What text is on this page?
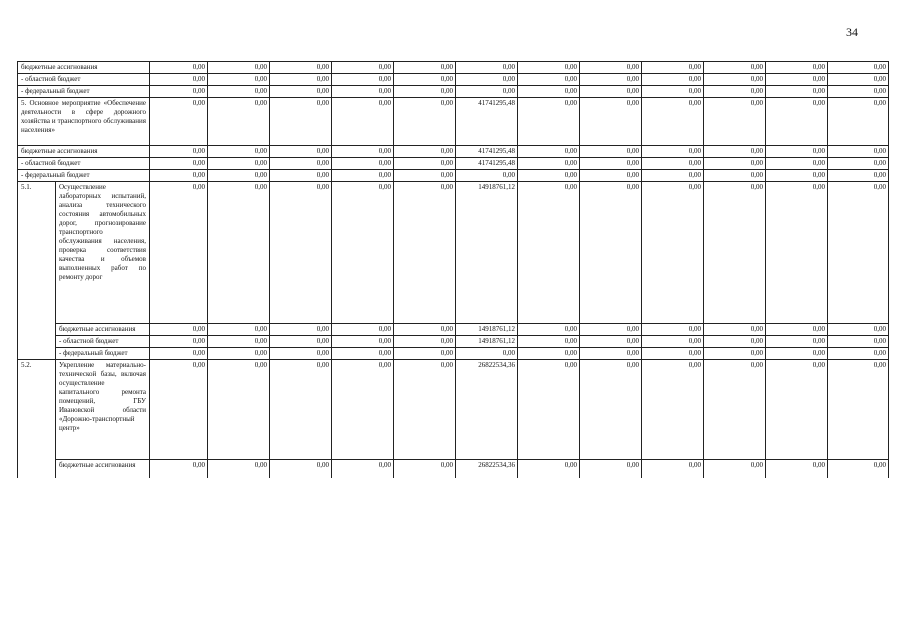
34
бюджетные ассигнования		0,00	0,00	0,00	0,00	0,00	0,00	0,00	0,00	0,00	0,00	0,00	0,00
- областной бюджет		0,00	0,00	0,00	0,00	0,00	0,00	0,00	0,00	0,00	0,00	0,00	0,00
- федеральный бюджет		0,00	0,00	0,00	0,00	0,00	0,00	0,00	0,00	0,00	0,00	0,00	0,00
5. Основное мероприятие «Обеспечение деятельности в сфере дорожного хозяйства и транспортного обслуживания населения»		0,00	0,00	0,00	0,00	0,00	41741295,48	0,00	0,00	0,00	0,00	0,00	0,00
бюджетные ассигнования		0,00	0,00	0,00	0,00	0,00	41741295,48	0,00	0,00	0,00	0,00	0,00	0,00
- областной бюджет		0,00	0,00	0,00	0,00	0,00	41741295,48	0,00	0,00	0,00	0,00	0,00	0,00
- федеральный бюджет		0,00	0,00	0,00	0,00	0,00	0,00	0,00	0,00	0,00	0,00	0,00	0,00
5.1.	Осуществление лабораторных испытаний, анализа технического состояния автомобильных дорог, прогнозирование транспортного обслуживания населения, проверка соответствия качества и объемов выполненных работ по ремонту дорог	0,00	0,00	0,00	0,00	0,00	14918761,12	0,00	0,00	0,00	0,00	0,00	0,00
	бюджетные ассигнования	0,00	0,00	0,00	0,00	0,00	14918761,12	0,00	0,00	0,00	0,00	0,00	0,00
	- областной бюджет	0,00	0,00	0,00	0,00	0,00	14918761,12	0,00	0,00	0,00	0,00	0,00	0,00
	- федеральный бюджет	0,00	0,00	0,00	0,00	0,00	0,00	0,00	0,00	0,00	0,00	0,00	0,00
5.2.	Укрепление материально-технической базы, включая осуществление капитального ремонта помещений, ГБУ Ивановской области «Дорожно-транспортный центр»	0,00	0,00	0,00	0,00	0,00	26822534,36	0,00	0,00	0,00	0,00	0,00	0,00
	бюджетные ассигнования	0,00	0,00	0,00	0,00	0,00	26822534,36	0,00	0,00	0,00	0,00	0,00	0,00
